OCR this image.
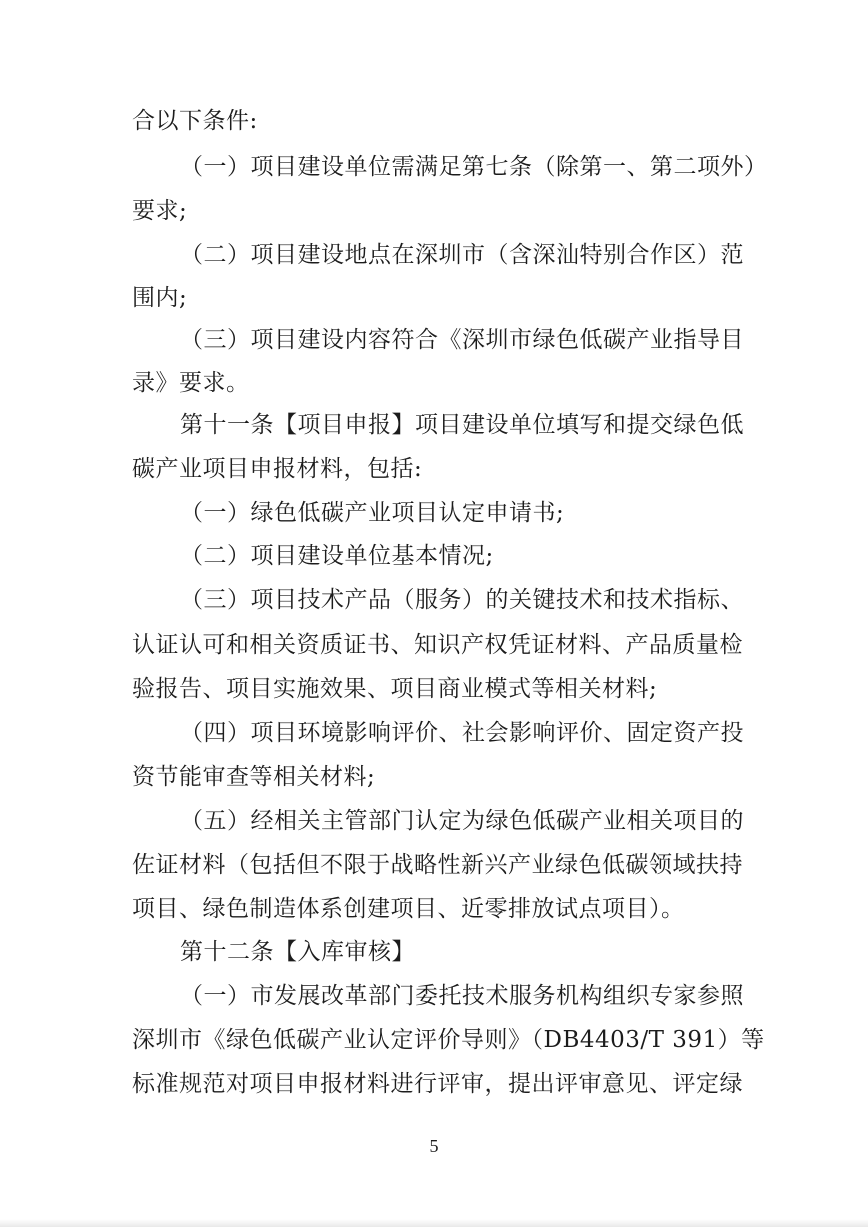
合以下条件:
（一）项目建设单位需满足第七条（除第一、第二项外）
要求;
（二）项目建设地点在深圳市（含深汕特别合作区）范
围内;
（三）项目建设内容符合《深圳市绿色低碳产业指导目
录》要求。
第十一条【项目申报】项目建设单位填写和提交绿色低
碳产业项目申报材料，包括:
（一）绿色低碳产业项目认定申请书;
（二）项目建设单位基本情况;
（三）项目技术产品（服务）的关键技术和技术指标、
认证认可和相关资质证书、知识产权凭证材料、产品质量检
验报告、项目实施效果、项目商业模式等相关材料;
（四）项目环境影响评价、社会影响评价、固定资产投
资节能审查等相关材料;
（五）经相关主管部门认定为绿色低碳产业相关项目的
佐证材料（包括但不限于战略性新兴产业绿色低碳领域扶持
项目、绿色制造体系创建项目、近零排放试点项目）。
第十二条【入库审核】
（一）市发展改革部门委托技术服务机构组织专家参照
深圳市《绿色低碳产业认定评价导则》（DB4403/T 391）等
标准规范对项目申报材料进行评审，提出评审意见、评定绿
5
